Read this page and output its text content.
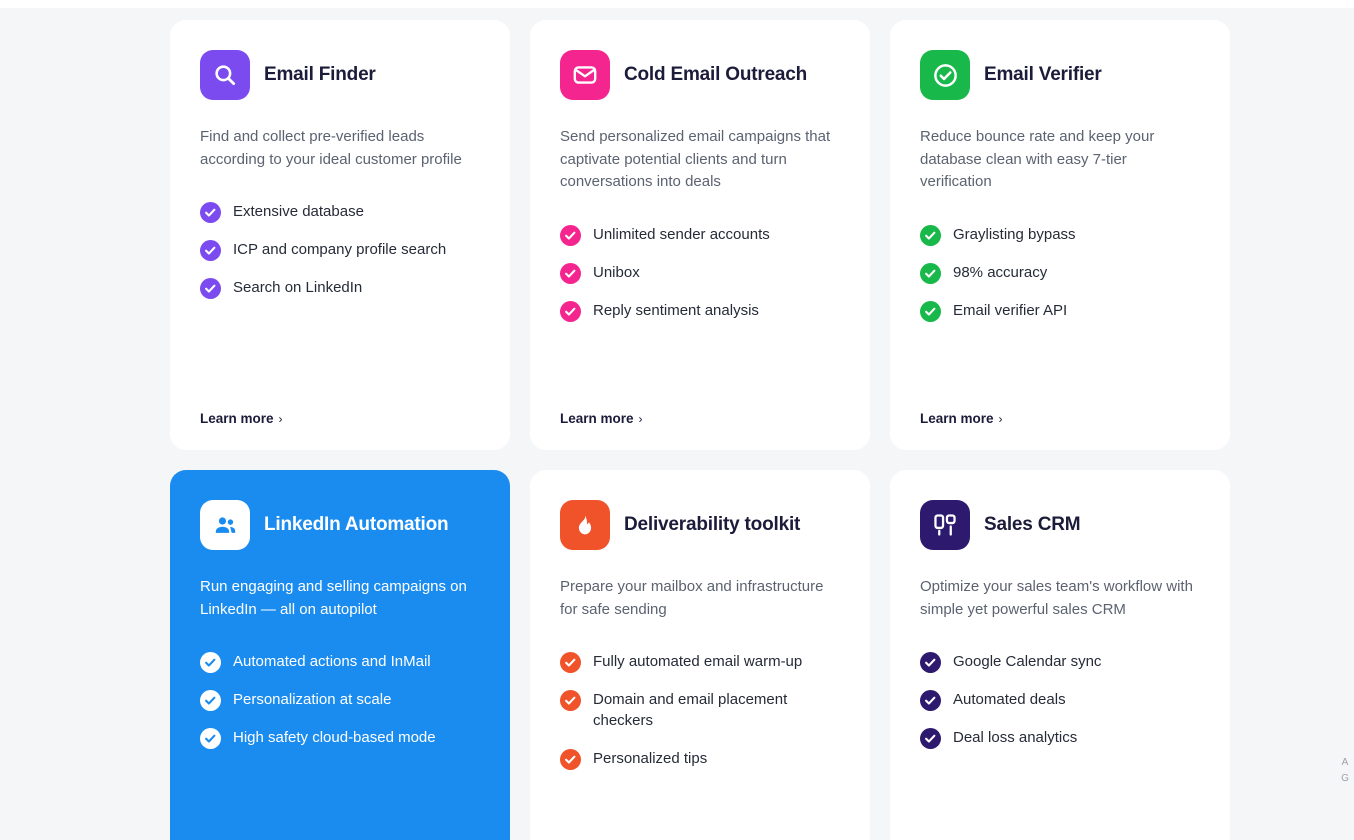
Email Finder
Find and collect pre-verified leads according to your ideal customer profile
Extensive database
ICP and company profile search
Search on LinkedIn
Learn more ›
Cold Email Outreach
Send personalized email campaigns that captivate potential clients and turn conversations into deals
Unlimited sender accounts
Unibox
Reply sentiment analysis
Learn more ›
Email Verifier
Reduce bounce rate and keep your database clean with easy 7-tier verification
Graylisting bypass
98% accuracy
Email verifier API
Learn more ›
LinkedIn Automation
Run engaging and selling campaigns on LinkedIn — all on autopilot
Automated actions and InMail
Personalization at scale
High safety cloud-based mode
Deliverability toolkit
Prepare your mailbox and infrastructure for safe sending
Fully automated email warm-up
Domain and email placement checkers
Personalized tips
Sales CRM
Optimize your sales team's workflow with simple yet powerful sales CRM
Google Calendar sync
Automated deals
Deal loss analytics
A
G
